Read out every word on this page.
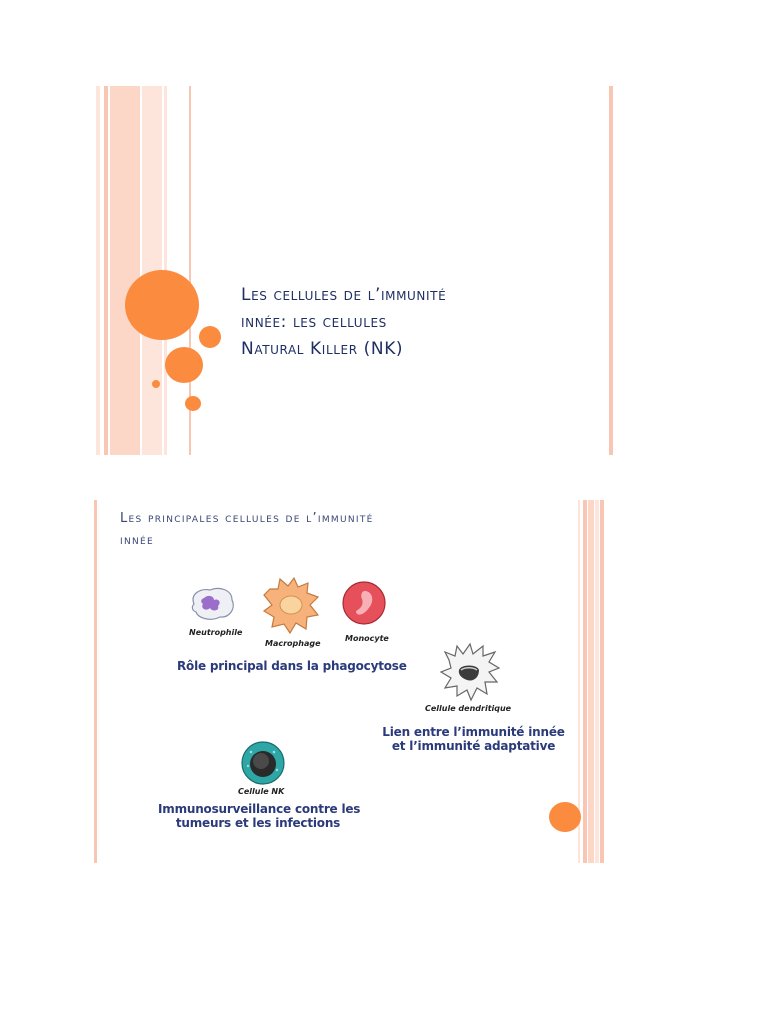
Les cellules de l’immunité
innée: les cellules
Natural Killer (NK)
Les principales cellules de l’immunité
innée
Neutrophile
Macrophage
Monocyte
Rôle principal dans la phagocytose
Cellule dendritique
Lien entre l’immunité innée
et l’immunité adaptative
Cellule NK
Immunosurveillance contre les
tumeurs et les infections
